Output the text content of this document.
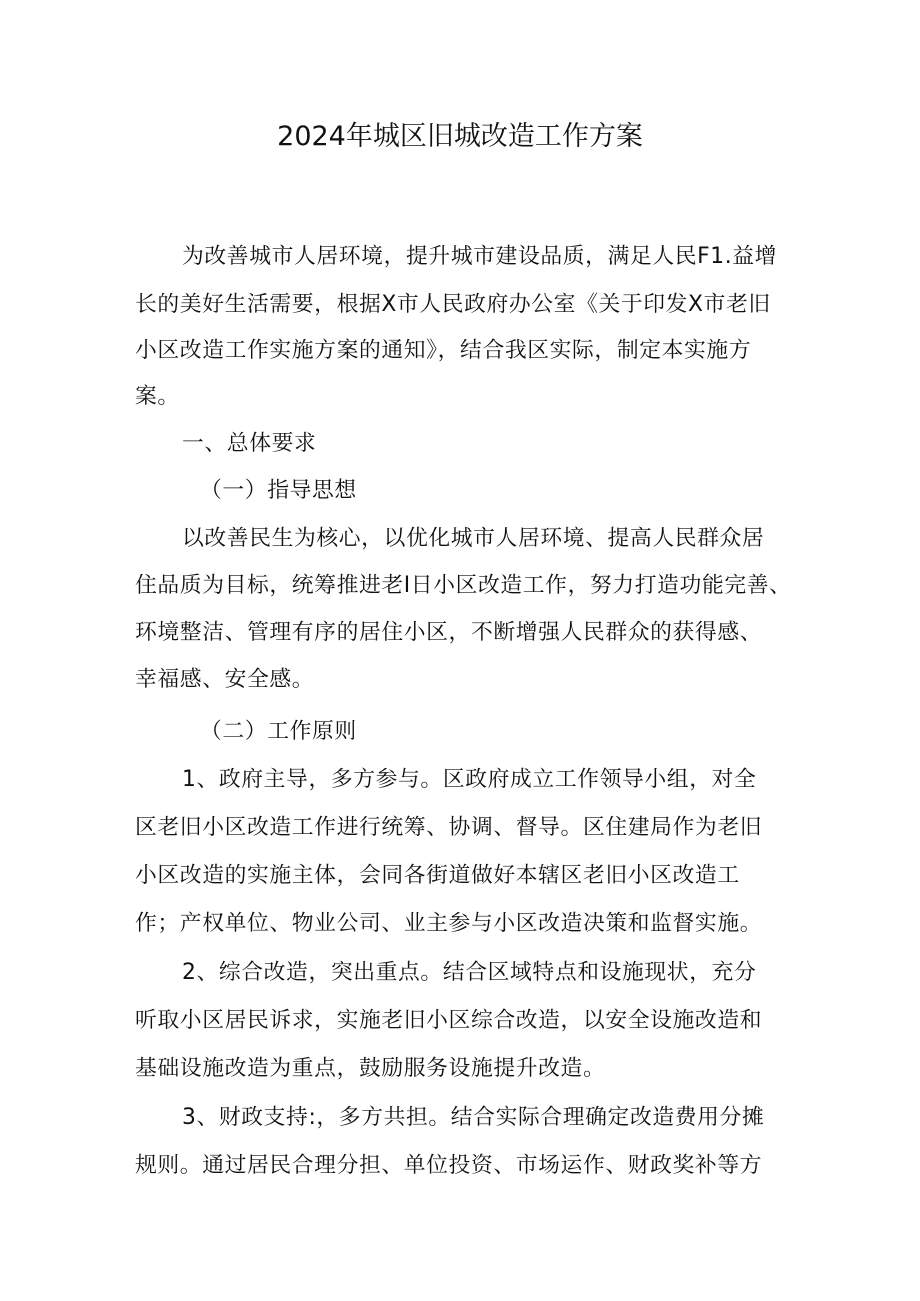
2024年城区旧城改造工作方案
为改善城市人居环境，提升城市建设品质，满足人民F1.益增
长的美好生活需要，根据X市人民政府办公室《关于印发X市老旧
小区改造工作实施方案的通知》，结合我区实际，制定本实施方
案。
一、总体要求
（一）指导思想
以改善民生为核心，以优化城市人居环境、提高人民群众居
住品质为目标，统筹推进老I日小区改造工作，努力打造功能完善、
环境整洁、管理有序的居住小区，不断增强人民群众的获得感、
幸福感、安全感。
（二）工作原则
1、政府主导，多方参与。区政府成立工作领导小组，对全
区老旧小区改造工作进行统筹、协调、督导。区住建局作为老旧
小区改造的实施主体，会同各街道做好本辖区老旧小区改造工
作；产权单位、物业公司、业主参与小区改造决策和监督实施。
2、综合改造，突出重点。结合区域特点和设施现状，充分
听取小区居民诉求，实施老旧小区综合改造，以安全设施改造和
基础设施改造为重点，鼓励服务设施提升改造。
3、财政支持:，多方共担。结合实际合理确定改造费用分摊
规则。通过居民合理分担、单位投资、市场运作、财政奖补等方
